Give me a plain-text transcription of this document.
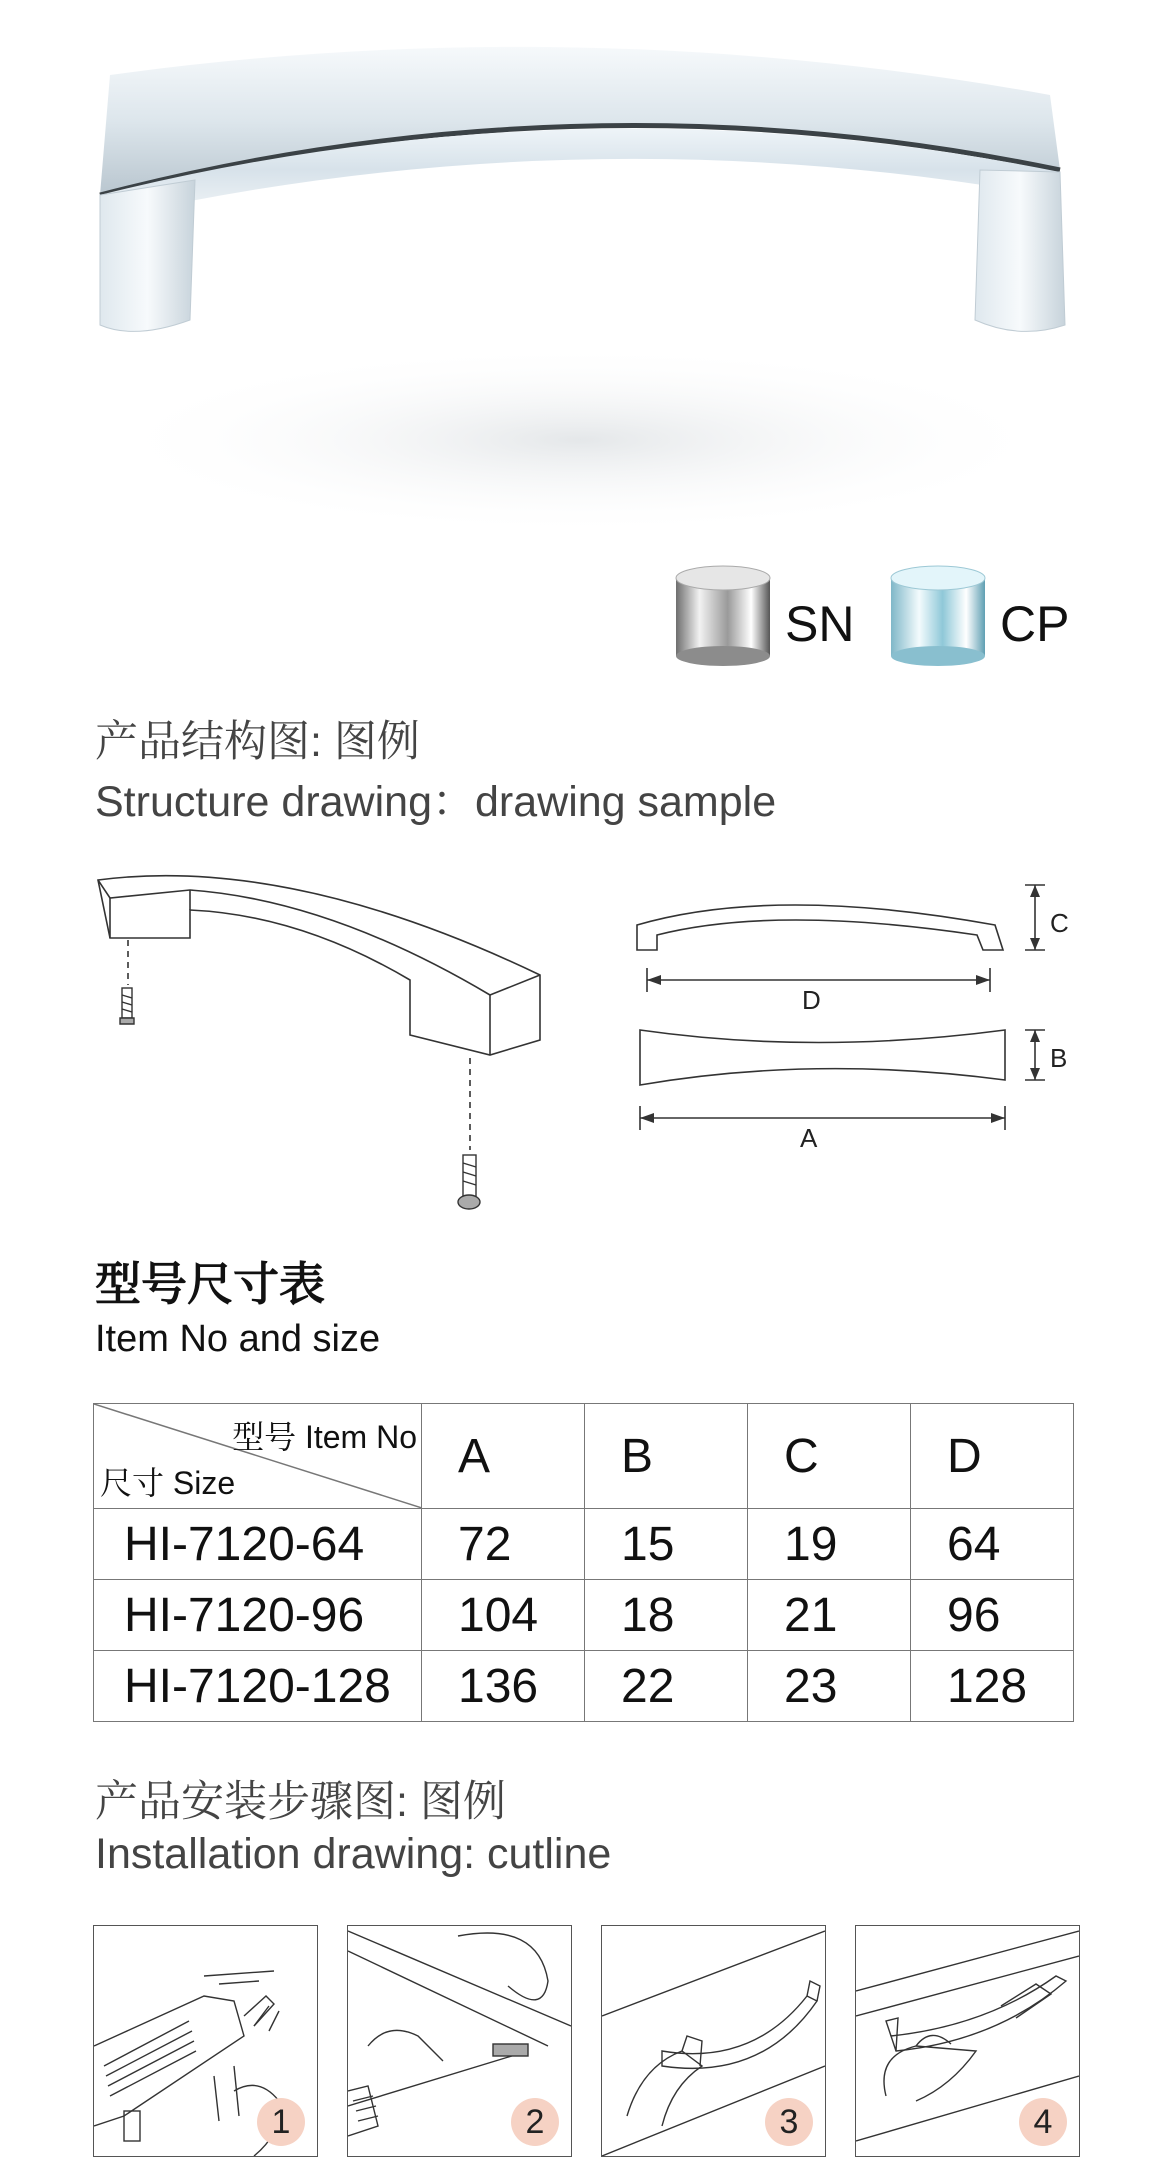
SN	CP
产品结构图: 图例
Structure drawing：drawing sample
D
C
B
A
型号尺寸表
Item No and size
型号 Item No
尺寸 Size	A	B	C	D
HI-7120-64	72	15	19	64
HI-7120-96	104	18	21	96
HI-7120-128	136	22	23	128
产品安装步骤图: 图例
Installation drawing: cutline
1	2	3	4
